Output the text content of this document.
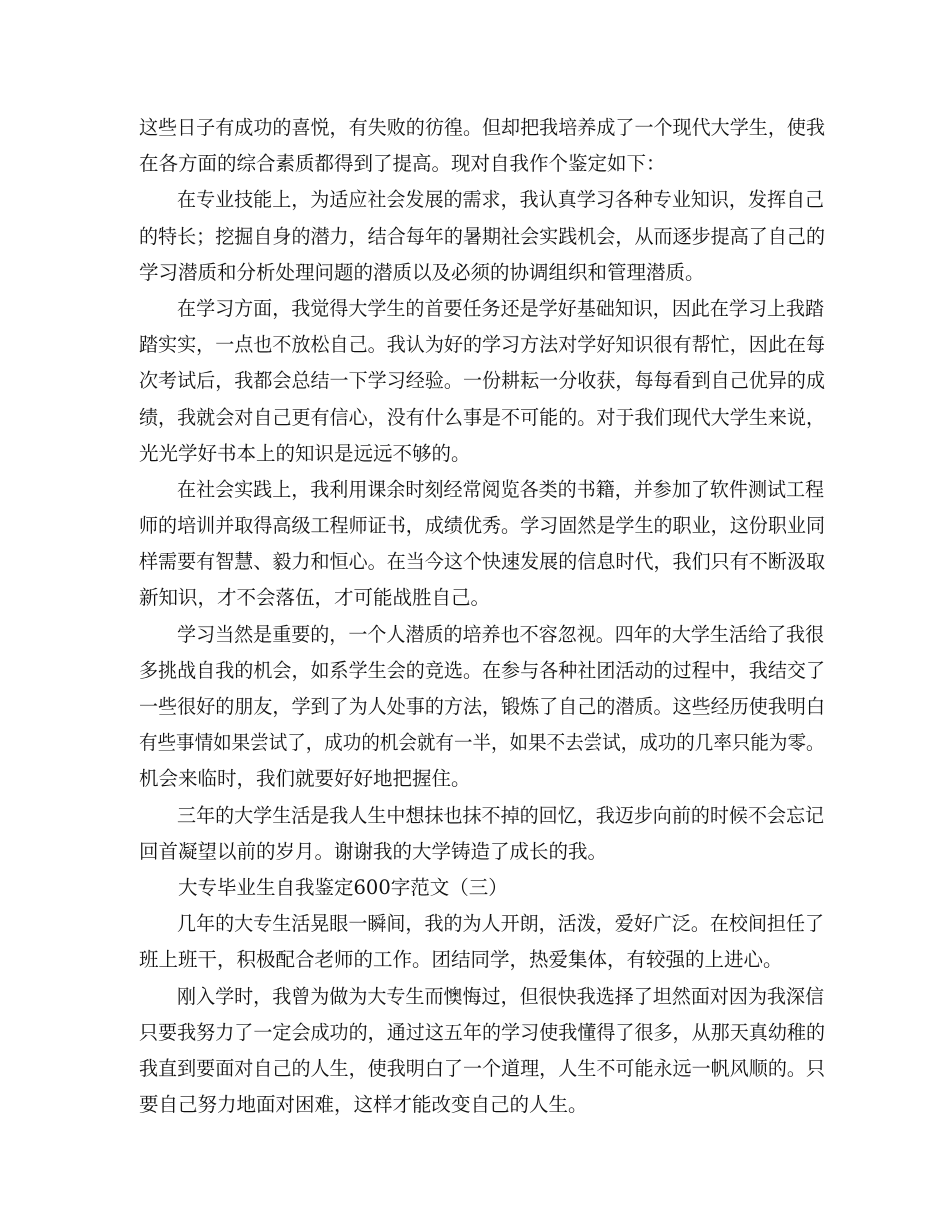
这些日子有成功的喜悦，有失败的彷徨。但却把我培养成了一个现代大学生，使我
在各方面的综合素质都得到了提高。现对自我作个鉴定如下：
在专业技能上，为适应社会发展的需求，我认真学习各种专业知识，发挥自己
的特长；挖掘自身的潜力，结合每年的暑期社会实践机会，从而逐步提高了自己的
学习潜质和分析处理问题的潜质以及必须的协调组织和管理潜质。
在学习方面，我觉得大学生的首要任务还是学好基础知识，因此在学习上我踏
踏实实，一点也不放松自己。我认为好的学习方法对学好知识很有帮忙，因此在每
次考试后，我都会总结一下学习经验。一份耕耘一分收获，每每看到自己优异的成
绩，我就会对自己更有信心，没有什么事是不可能的。对于我们现代大学生来说，
光光学好书本上的知识是远远不够的。
在社会实践上，我利用课余时刻经常阅览各类的书籍，并参加了软件测试工程
师的培训并取得高级工程师证书，成绩优秀。学习固然是学生的职业，这份职业同
样需要有智慧、毅力和恒心。在当今这个快速发展的信息时代，我们只有不断汲取
新知识，才不会落伍，才可能战胜自己。
学习当然是重要的，一个人潜质的培养也不容忽视。四年的大学生活给了我很
多挑战自我的机会，如系学生会的竞选。在参与各种社团活动的过程中，我结交了
一些很好的朋友，学到了为人处事的方法，锻炼了自己的潜质。这些经历使我明白
有些事情如果尝试了，成功的机会就有一半，如果不去尝试，成功的几率只能为零。
机会来临时，我们就要好好地把握住。
三年的大学生活是我人生中想抹也抹不掉的回忆，我迈步向前的时候不会忘记
回首凝望以前的岁月。谢谢我的大学铸造了成长的我。
大专毕业生自我鉴定600字范文（三）
几年的大专生活晃眼一瞬间，我的为人开朗，活泼，爱好广泛。在校间担任了
班上班干，积极配合老师的工作。团结同学，热爱集体，有较强的上进心。
刚入学时，我曾为做为大专生而懊悔过，但很快我选择了坦然面对因为我深信
只要我努力了一定会成功的，通过这五年的学习使我懂得了很多，从那天真幼稚的
我直到要面对自己的人生，使我明白了一个道理，人生不可能永远一帆风顺的。只
要自己努力地面对困难，这样才能改变自己的人生。
